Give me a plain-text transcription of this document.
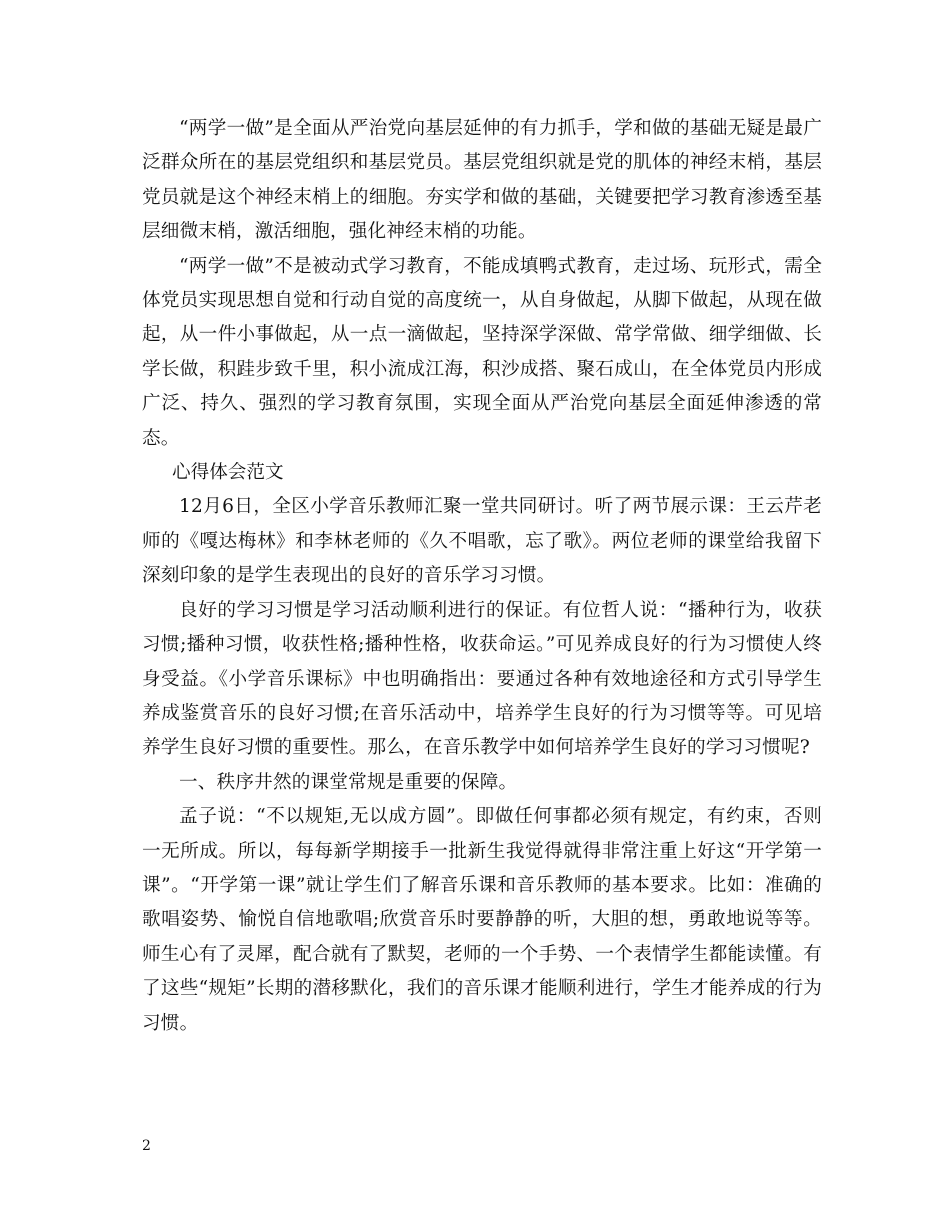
“两学一做”是全面从严治党向基层延伸的有力抓手，学和做的基础无疑是最广泛群众所在的基层党组织和基层党员。基层党组织就是党的肌体的神经末梢，基层党员就是这个神经末梢上的细胞。夯实学和做的基础，关键要把学习教育渗透至基层细微末梢，激活细胞，强化神经末梢的功能。

“两学一做”不是被动式学习教育，不能成填鸭式教育，走过场、玩形式，需全体党员实现思想自觉和行动自觉的高度统一，从自身做起，从脚下做起，从现在做起，从一件小事做起，从一点一滴做起，坚持深学深做、常学常做、细学细做、长学长做，积跬步致千里，积小流成江海，积沙成搭、聚石成山，在全体党员内形成广泛、持久、强烈的学习教育氛围，实现全面从严治党向基层全面延伸渗透的常态。

心得体会范文

12月6日，全区小学音乐教师汇聚一堂共同研讨。听了两节展示课：王云芹老师的《嘎达梅林》和李林老师的《久不唱歌，忘了歌》。两位老师的课堂给我留下深刻印象的是学生表现出的良好的音乐学习习惯。

良好的学习习惯是学习活动顺利进行的保证。有位哲人说：“播种行为，收获习惯;播种习惯，收获性格;播种性格，收获命运。”可见养成良好的行为习惯使人终身受益。《小学音乐课标》中也明确指出：要通过各种有效地途径和方式引导学生养成鉴赏音乐的良好习惯;在音乐活动中，培养学生良好的行为习惯等等。可见培养学生良好习惯的重要性。那么，在音乐教学中如何培养学生良好的学习习惯呢?

一、秩序井然的课堂常规是重要的保障。

孟子说：“不以规矩,无以成方圆”。即做任何事都必须有规定，有约束，否则一无所成。所以，每每新学期接手一批新生我觉得就得非常注重上好这“开学第一课”。“开学第一课”就让学生们了解音乐课和音乐教师的基本要求。比如：准确的歌唱姿势、愉悦自信地歌唱;欣赏音乐时要静静的听，大胆的想，勇敢地说等等。师生心有了灵犀，配合就有了默契，老师的一个手势、一个表情学生都能读懂。有了这些“规矩”长期的潜移默化，我们的音乐课才能顺利进行，学生才能养成的行为习惯。

2
